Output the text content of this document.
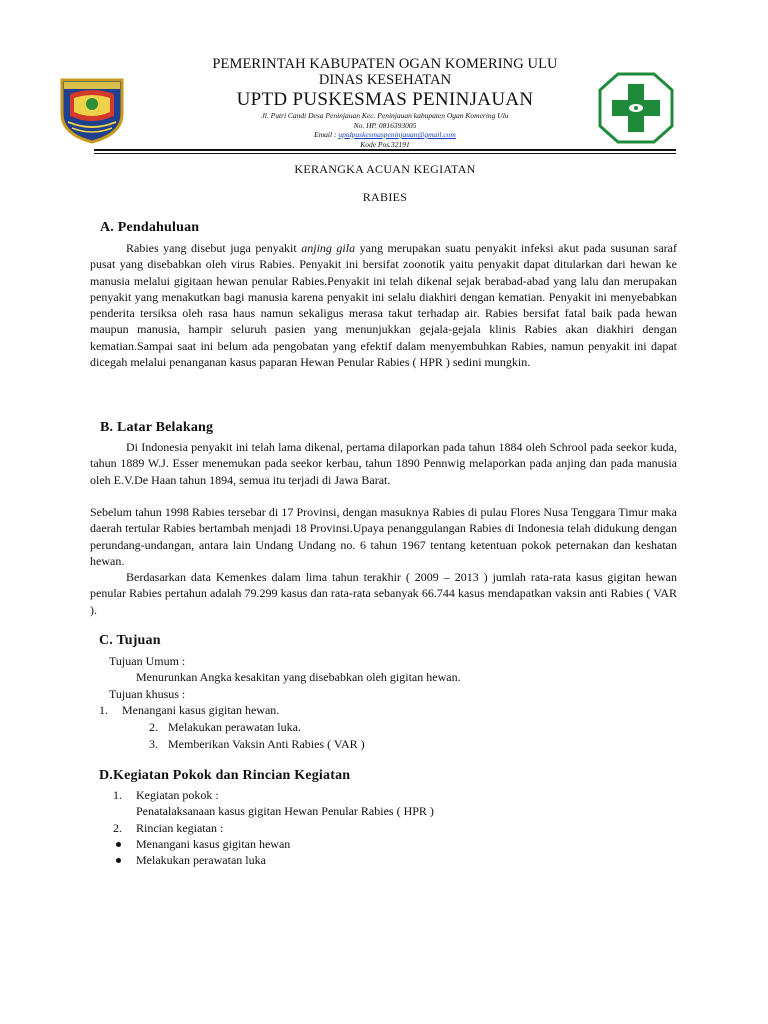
PEMERINTAH KABUPATEN OGAN KOMERING ULU
DINAS KESEHATAN
UPTD PUSKESMAS PENINJAUAN
Jl. Putri Candi Desa Peninjauan Kec. Peninjauan kabupaten Ogan Komering Ulu
No. HP. 0816393005
Email : uptdpuskesmaspeninjauan@gmail.com
Kode Pos.32191
KERANGKA ACUAN KEGIATAN
RABIES
A. Pendahuluan
Rabies yang disebut juga penyakit anjing gila yang merupakan suatu penyakit infeksi akut pada susunan saraf pusat yang disebabkan oleh virus Rabies. Penyakit ini bersifat zoonotik yaitu penyakit dapat ditularkan dari hewan ke manusia melalui gigitaan hewan penular Rabies.Penyakit ini telah dikenal sejak berabad-abad yang lalu dan merupakan penyakit yang menakutkan bagi manusia karena penyakit ini selalu diakhiri dengan kematian. Penyakit ini menyebabkan penderita tersiksa oleh rasa haus namun sekaligus merasa takut terhadap air. Rabies bersifat fatal baik pada hewan maupun manusia, hampir seluruh pasien yang menunjukkan gejala-gejala klinis Rabies akan diakhiri dengan kematian.Sampai saat ini belum ada pengobatan yang efektif dalam menyembuhkan Rabies, namun penyakit ini dapat dicegah melalui penanganan kasus paparan Hewan Penular Rabies ( HPR ) sedini mungkin.
B. Latar Belakang
Di Indonesia penyakit ini telah lama dikenal, pertama dilaporkan pada tahun 1884 oleh Schrool pada seekor kuda, tahun 1889 W.J. Esser menemukan pada seekor kerbau, tahun 1890 Pennwig melaporkan pada anjing dan pada manusia oleh E.V.De Haan tahun 1894, semua itu terjadi di Jawa Barat.
Sebelum tahun 1998 Rabies tersebar di 17 Provinsi, dengan masuknya Rabies di pulau Flores Nusa Tenggara Timur maka daerah tertular Rabies bertambah menjadi 18 Provinsi.Upaya penanggulangan Rabies di Indonesia telah didukung dengan perundang-undangan, antara lain Undang Undang no. 6 tahun 1967 tentang ketentuan pokok peternakan dan keshatan hewan.
Berdasarkan data Kemenkes dalam lima tahun terakhir ( 2009 – 2013 ) jumlah rata-rata kasus gigitan hewan penular Rabies pertahun adalah 79.299 kasus dan rata-rata sebanyak 66.744 kasus mendapatkan vaksin anti Rabies ( VAR ).
C. Tujuan
Tujuan Umum :
Menurunkan Angka kesakitan yang disebabkan oleh gigitan hewan.
Tujuan khusus :
1. Menangani kasus gigitan hewan.
2. Melakukan perawatan luka.
3. Memberikan Vaksin Anti Rabies ( VAR )
D.Kegiatan Pokok dan Rincian Kegiatan
1. Kegiatan pokok :
Penatalaksanaan kasus gigitan Hewan Penular Rabies ( HPR )
2. Rincian kegiatan :
Menangani kasus gigitan hewan
Melakukan perawatan luka
